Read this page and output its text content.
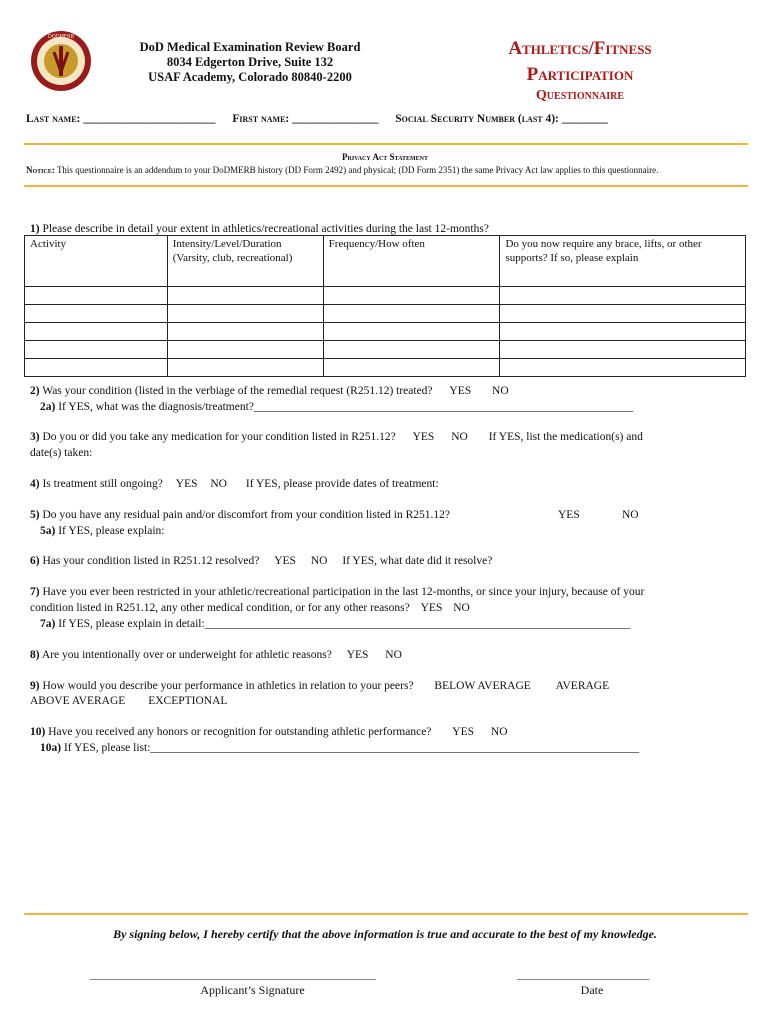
DODMERB
DoD Medical Examination Review Board
8034 Edgerton Drive, Suite 132
USAF Academy, Colorado 80840-2200
Athletics/Fitness
Participation
Questionnaire
Last name: _______________________ First name: _______________ Social Security Number (last 4): ________
Privacy Act Statement
Notice: This questionnaire is an addendum to your DoDMERB history (DD Form 2492) and physical; (DD Form 2351) the same Privacy Act law applies to this questionnaire.
1) Please describe in detail your extent in athletics/recreational activities during the last 12-months?
Activity	Intensity/Level/Duration (Varsity, club, recreational)	Frequency/How often	Do you now require any brace, lifts, or other supports? If so, please explain

2) Was your condition (listed in the verbiage of the remedial request (R251.12) treated? YES NO
2a) If YES, what was the diagnosis/treatment?__________________________________________________________________
3) Do you or did you take any medication for your condition listed in R251.12? YES NO If YES, list the medication(s) and
date(s) taken:
4) Is treatment still ongoing? YES NO If YES, please provide dates of treatment:
5) Do you have any residual pain and/or discomfort from your condition listed in R251.12?	YES	NO
5a) If YES, please explain:
6) Has your condition listed in R251.12 resolved? YES NO If YES, what date did it resolve?
7) Have you ever been restricted in your athletic/recreational participation in the last 12-months, or since your injury, because of your
condition listed in R251.12, any other medical condition, or for any other reasons? YES NO
7a) If YES, please explain in detail:__________________________________________________________________________
8) Are you intentionally over or underweight for athletic reasons? YES NO
9) How would you describe your performance in athletics in relation to your peers? BELOW AVERAGE AVERAGE
ABOVE AVERAGE EXCEPTIONAL
10) Have you received any honors or recognition for outstanding athletic performance? YES NO
10a) If YES, please list:_____________________________________________________________________________________
By signing below, I hereby certify that the above information is true and accurate to the best of my knowledge.
____________________________________________________
Applicant’s Signature
________________________
Date
